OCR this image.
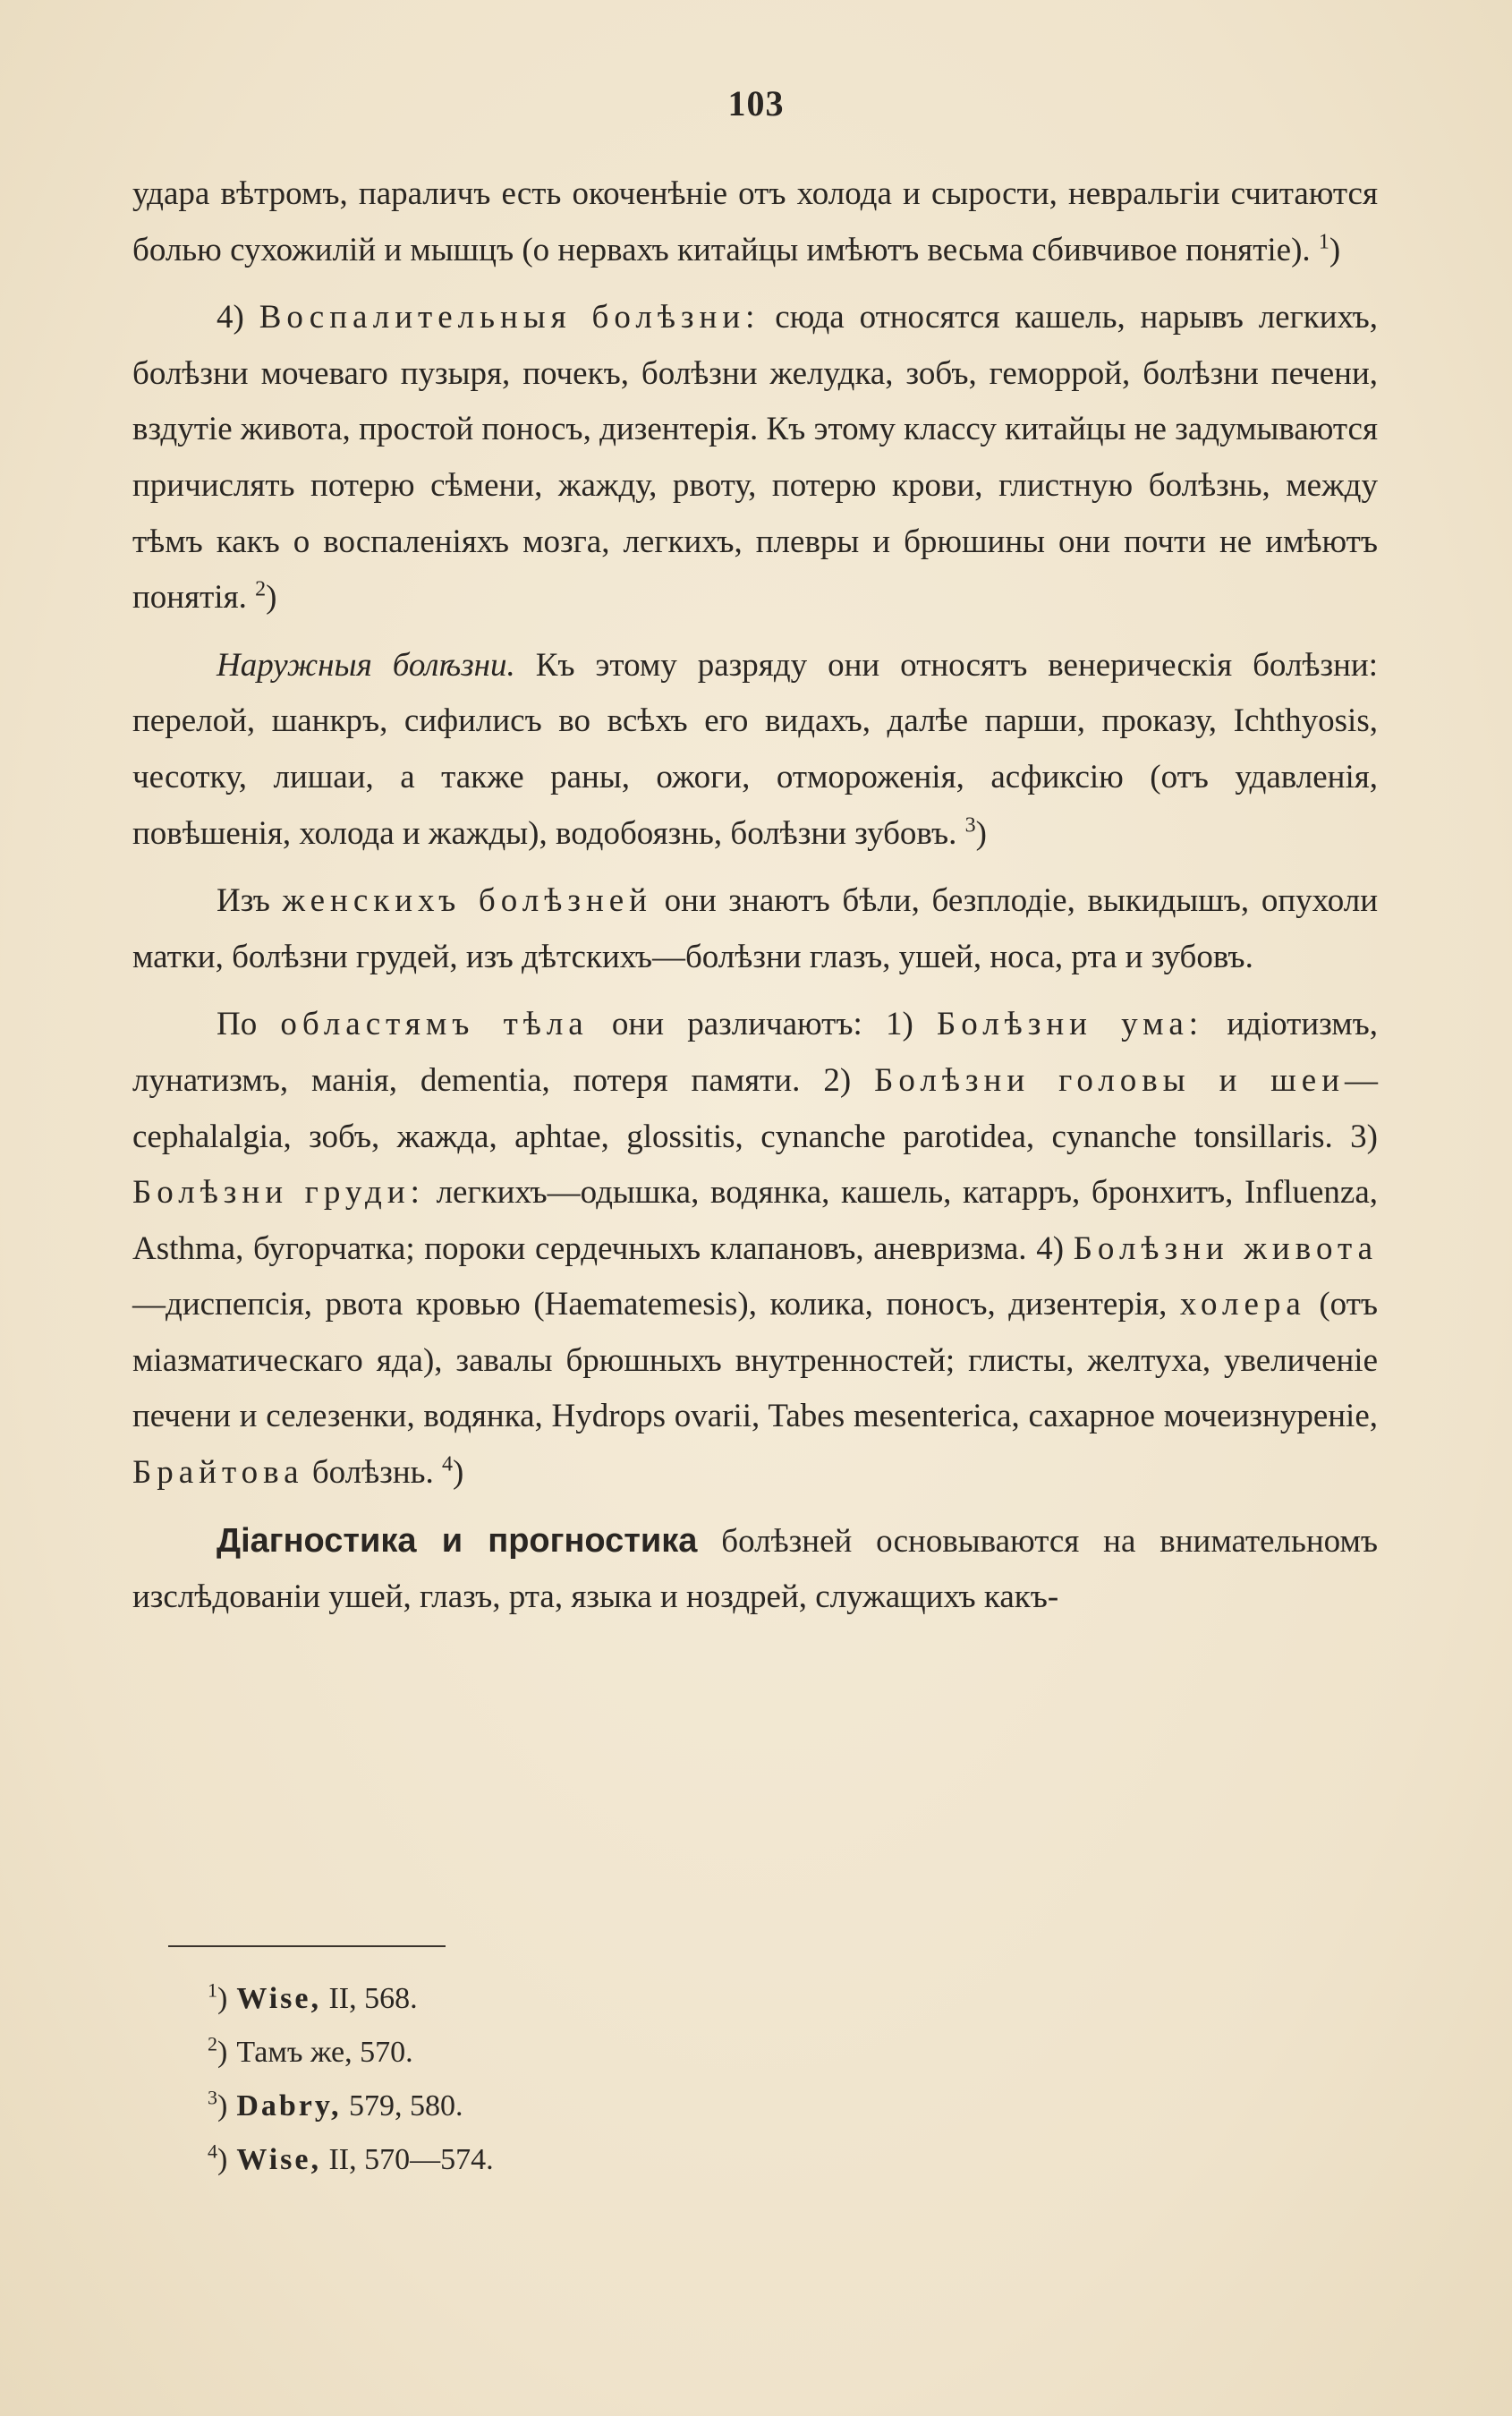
103

удара вѣтромъ, параличъ есть окоченѣніе отъ холода и сырости, невральгіи считаются болью сухожилій и мышцъ (о нервахъ китайцы имѣютъ весьма сбивчивое понятіе). $^1$)

4) Воспалительныя болѣзни: сюда относятся кашель, нарывъ легкихъ, болѣзни мочеваго пузыря, почекъ, болѣзни желудка, зобъ, геморрой, болѣзни печени, вздутіе живота, простой поносъ, дизентерія. Къ этому классу китайцы не задумываются причислять потерю сѣмени, жажду, рвоту, потерю крови, глистную болѣзнь, между тѣмъ какъ о воспаленіяхъ мозга, легкихъ, плевры и брюшины они почти не имѣютъ понятія. $^2$)

Наружныя болѣзни. Къ этому разряду они относятъ венерическія болѣзни: перелой, шанкръ, сифилисъ во всѣхъ его видахъ, далѣе парши, проказу, Ichthyosis, чесотку, лишаи, а также раны, ожоги, отмороженія, асфиксію (отъ удавленія, повѣшенія, холода и жажды), водобоязнь, болѣзни зубовъ. $^3$)

Изъ женскихъ болѣзней они знаютъ бѣли, безплодіе, выкидышъ, опухоли матки, болѣзни грудей, изъ дѣтскихъ—болѣзни глазъ, ушей, носа, рта и зубовъ.

По областямъ тѣла они различаютъ: 1) Болѣзни ума: идіотизмъ, лунатизмъ, манія, dementia, потеря памяти. 2) Болѣзни головы и шеи—cephalalgia, зобъ, жажда, aphtae, glossitis, cynanche parotidea, cynanche tonsillaris. 3) Болѣзни груди: легкихъ—одышка, водянка, кашель, катарръ, бронхитъ, Influenza, Asthma, бугорчатка; пороки сердечныхъ клапановъ, аневризма. 4) Болѣзни живота—диспепсія, рвота кровью (Haematemesis), колика, поносъ, дизентерія, холера (отъ міазматическаго яда), завалы брюшныхъ внутренностей; глисты, желтуха, увеличеніе печени и селезенки, водянка, Hydrops ovarii, Tabes mesenterica, сахарное мочеизнуреніе, Брайтова болѣзнь. $^4$)

Діагностика и прогностика болѣзней основываются на внимательномъ изслѣдованіи ушей, глазъ, рта, языка и ноздрей, служащихъ какъ-

$^1$) Wise, II, 568.

$^2$) Тамъ же, 570.

$^3$) Dabry, 579, 580.

$^4$) Wise, II, 570—574.
